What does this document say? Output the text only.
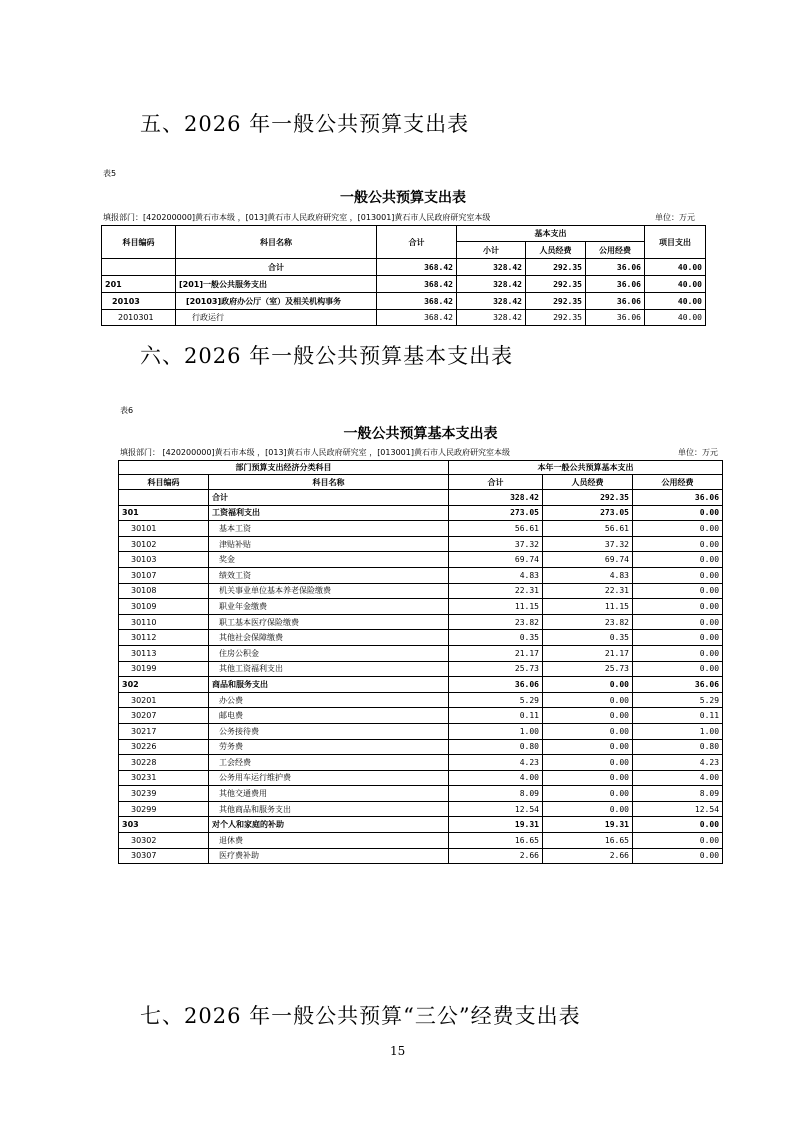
五、2026 年一般公共预算支出表
表5
一般公共预算支出表
填报部门：[420200000]黄石市本级 ，[013]黄石市人民政府研究室 ，[013001]黄石市人民政府研究室本级	单位：万元
科目编码	科目名称	合计	基本支出			项目支出
			小计	人员经费	公用经费	
	合计	368.42	328.42	292.35	36.06	40.00
201	[201]一般公共服务支出	368.42	328.42	292.35	36.06	40.00
20103	[20103]政府办公厅（室）及相关机构事务	368.42	328.42	292.35	36.06	40.00
2010301	行政运行	368.42	328.42	292.35	36.06	40.00
六、2026 年一般公共预算基本支出表
表6
一般公共预算基本支出表
填报部门： [420200000]黄石市本级 ，[013]黄石市人民政府研究室 ，[013001]黄石市人民政府研究室本级	单位：万元
部门预算支出经济分类科目		本年一般公共预算基本支出		
科目编码	科目名称	合计	人员经费	公用经费
	合计	328.42	292.35	36.06
301	工资福利支出	273.05	273.05	0.00
30101	基本工资	56.61	56.61	0.00
30102	津贴补贴	37.32	37.32	0.00
30103	奖金	69.74	69.74	0.00
30107	绩效工资	4.83	4.83	0.00
30108	机关事业单位基本养老保险缴费	22.31	22.31	0.00
30109	职业年金缴费	11.15	11.15	0.00
30110	职工基本医疗保险缴费	23.82	23.82	0.00
30112	其他社会保障缴费	0.35	0.35	0.00
30113	住房公积金	21.17	21.17	0.00
30199	其他工资福利支出	25.73	25.73	0.00
302	商品和服务支出	36.06	0.00	36.06
30201	办公费	5.29	0.00	5.29
30207	邮电费	0.11	0.00	0.11
30217	公务接待费	1.00	0.00	1.00
30226	劳务费	0.80	0.00	0.80
30228	工会经费	4.23	0.00	4.23
30231	公务用车运行维护费	4.00	0.00	4.00
30239	其他交通费用	8.09	0.00	8.09
30299	其他商品和服务支出	12.54	0.00	12.54
303	对个人和家庭的补助	19.31	19.31	0.00
30302	退休费	16.65	16.65	0.00
30307	医疗费补助	2.66	2.66	0.00
七、2026 年一般公共预算“三公”经费支出表
15
